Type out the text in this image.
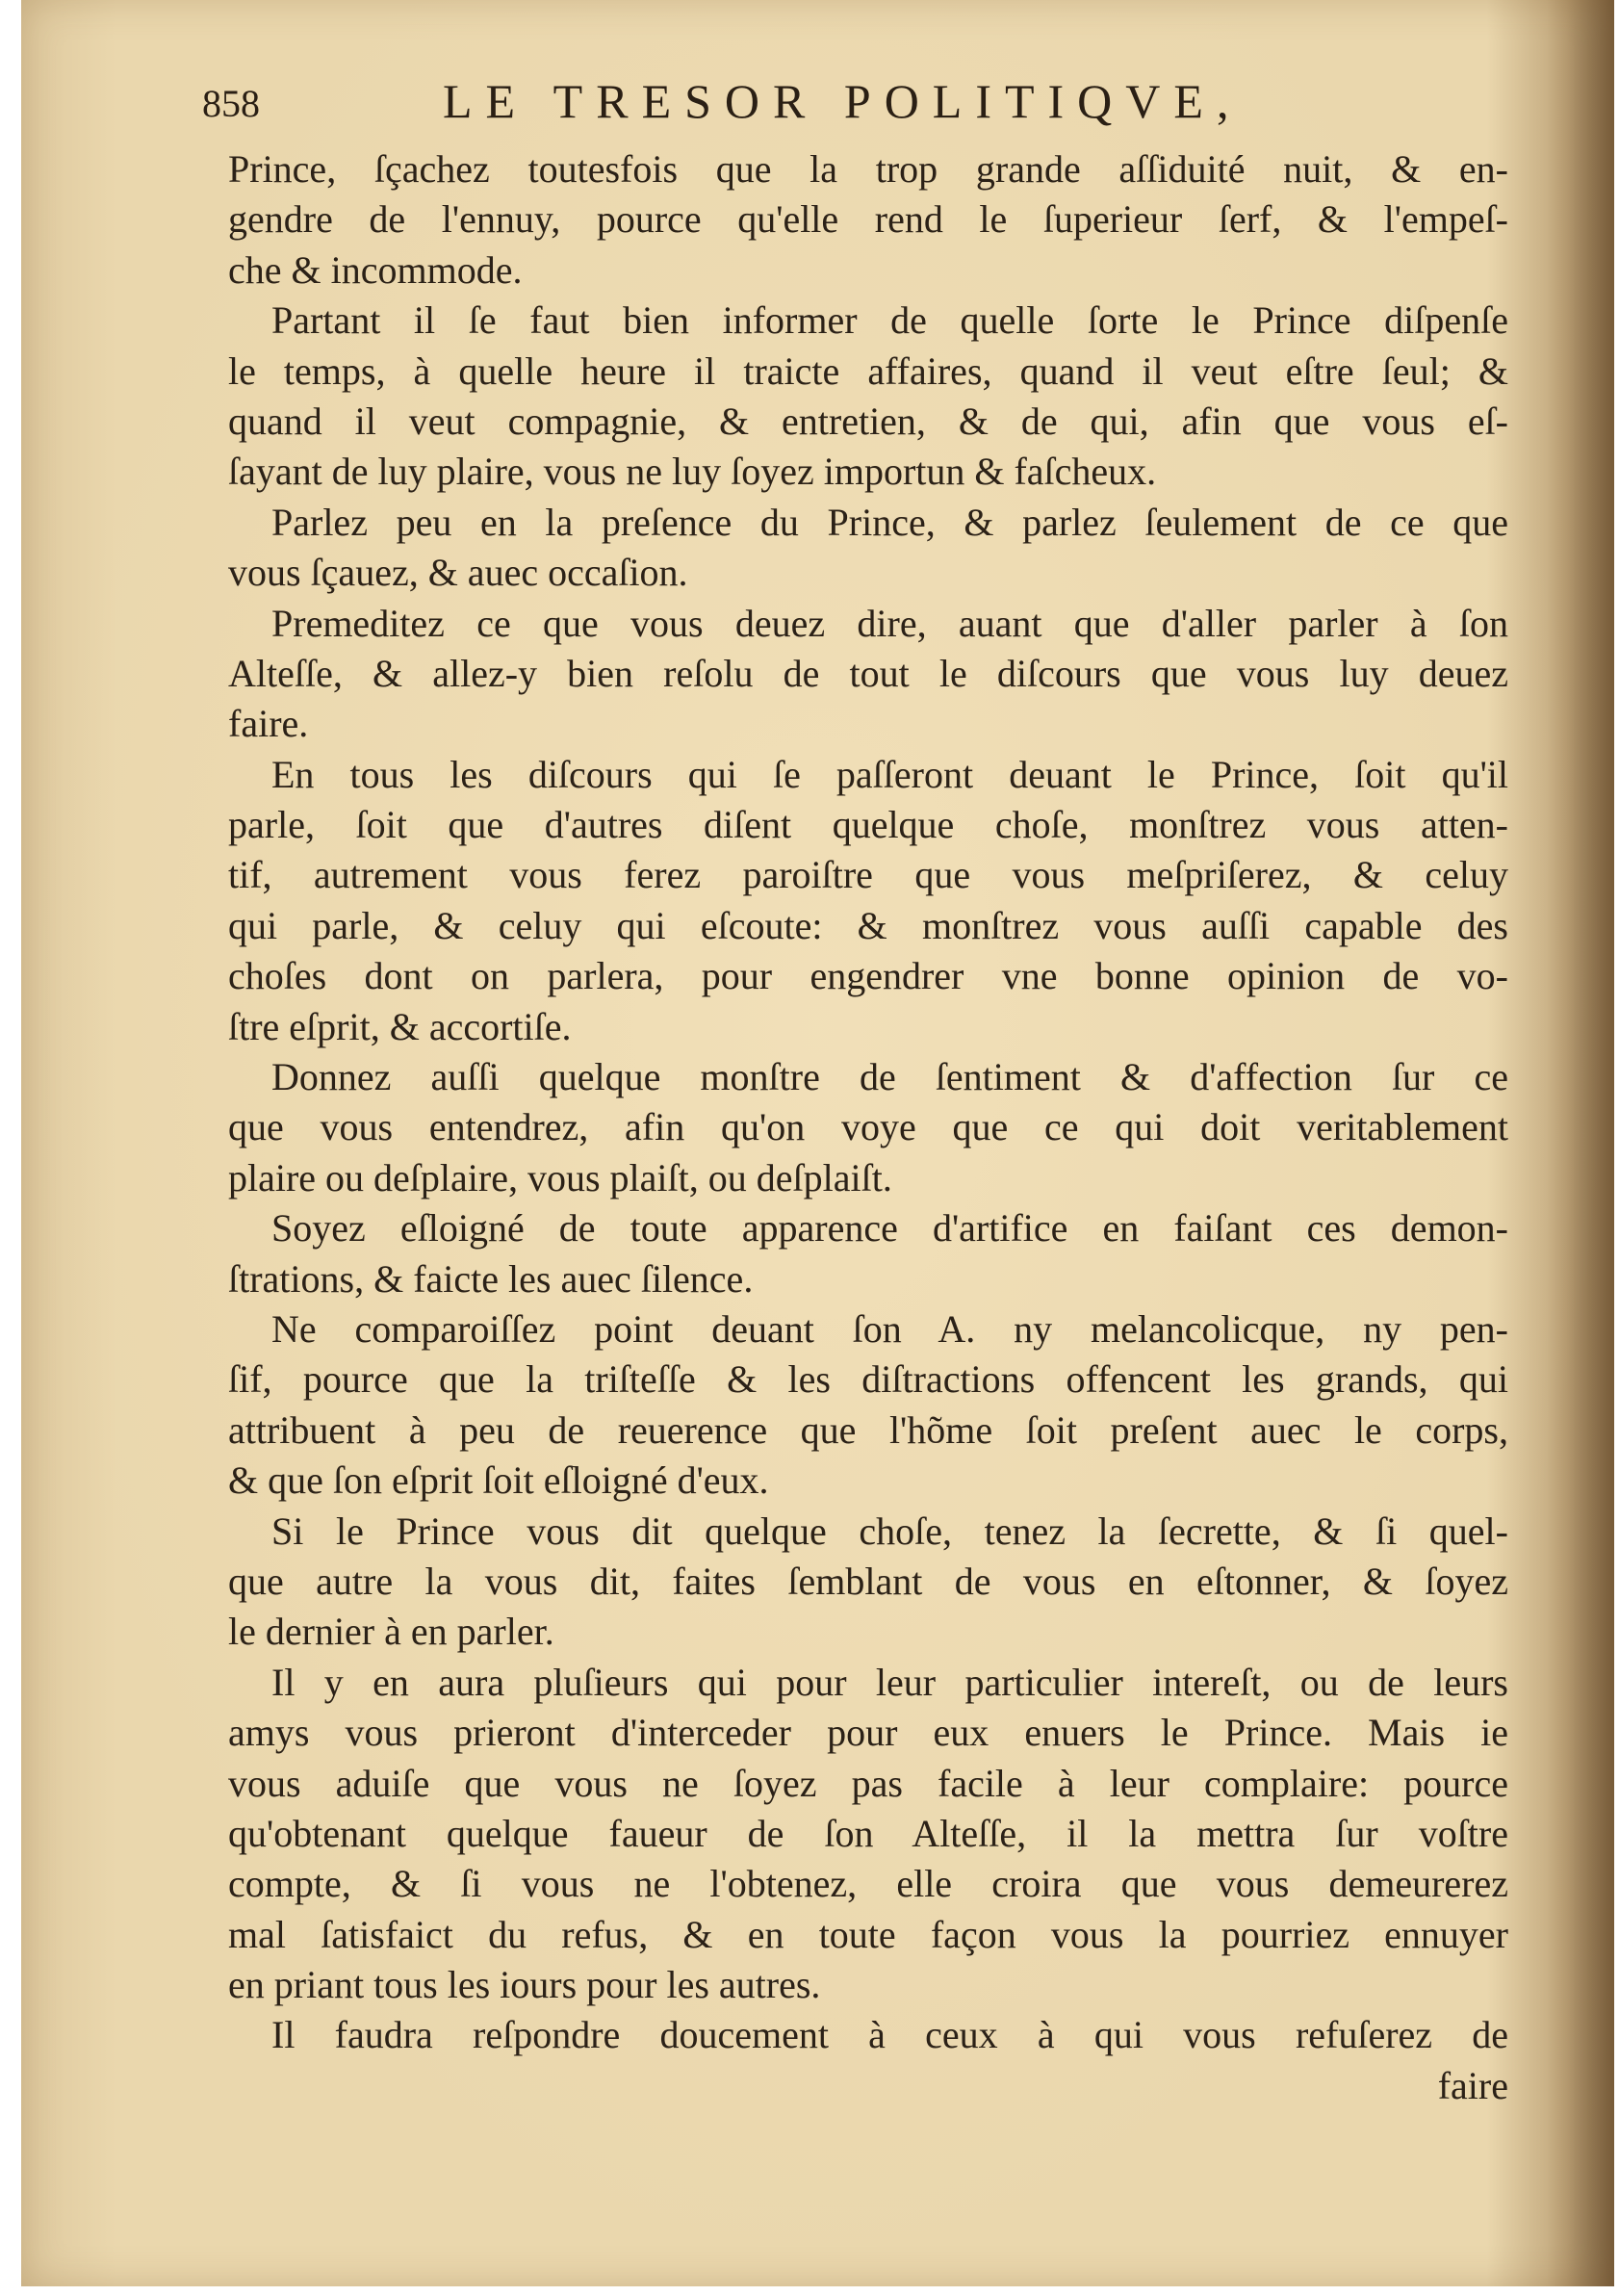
858	LE TRESOR POLITIQVE,
Prince, ſçachez toutesfois que la trop grande aſſiduité nuit, & en-
gendre de l'ennuy, pource qu'elle rend le ſuperieur ſerf, & l'empeſ-
che & incommode.
Partant il ſe faut bien informer de quelle ſorte le Prince diſpenſe
le temps, à quelle heure il traicte affaires, quand il veut eſtre ſeul; &
quand il veut compagnie, & entretien, & de qui, afin que vous eſ-
ſayant de luy plaire, vous ne luy ſoyez importun & faſcheux.
Parlez peu en la preſence du Prince, & parlez ſeulement de ce que
vous ſçauez, & auec occaſion.
Premeditez ce que vous deuez dire, auant que d'aller parler à ſon
Alteſſe, & allez-y bien reſolu de tout le diſcours que vous luy deuez
faire.
En tous les diſcours qui ſe paſſeront deuant le Prince, ſoit qu'il
parle, ſoit que d'autres diſent quelque choſe, monſtrez vous atten-
tif, autrement vous ferez paroiſtre que vous meſpriſerez, & celuy
qui parle, & celuy qui eſcoute: & monſtrez vous auſſi capable des
choſes dont on parlera, pour engendrer vne bonne opinion de vo-
ſtre eſprit, & accortiſe.
Donnez auſſi quelque monſtre de ſentiment & d'affection ſur ce
que vous entendrez, afin qu'on voye que ce qui doit veritablement
plaire ou deſplaire, vous plaiſt, ou deſplaiſt.
Soyez eſloigné de toute apparence d'artifice en faiſant ces demon-
ſtrations, & faicte les auec ſilence.
Ne comparoiſſez point deuant ſon A. ny melancolicque, ny pen-
ſif, pource que la triſteſſe & les diſtractions offencent les grands, qui
attribuent à peu de reuerence que l'hõme ſoit preſent auec le corps,
& que ſon eſprit ſoit eſloigné d'eux.
Si le Prince vous dit quelque choſe, tenez la ſecrette, & ſi quel-
que autre la vous dit, faites ſemblant de vous en eſtonner, & ſoyez
le dernier à en parler.
Il y en aura pluſieurs qui pour leur particulier intereſt, ou de leurs
amys vous prieront d'interceder pour eux enuers le Prince. Mais ie
vous aduiſe que vous ne ſoyez pas facile à leur complaire: pource
qu'obtenant quelque faueur de ſon Alteſſe, il la mettra ſur voſtre
compte, & ſi vous ne l'obtenez, elle croira que vous demeurerez
mal ſatisfaict du refus, & en toute façon vous la pourriez ennuyer
en priant tous les iours pour les autres.
Il faudra reſpondre doucement à ceux à qui vous refuſerez de
faire
